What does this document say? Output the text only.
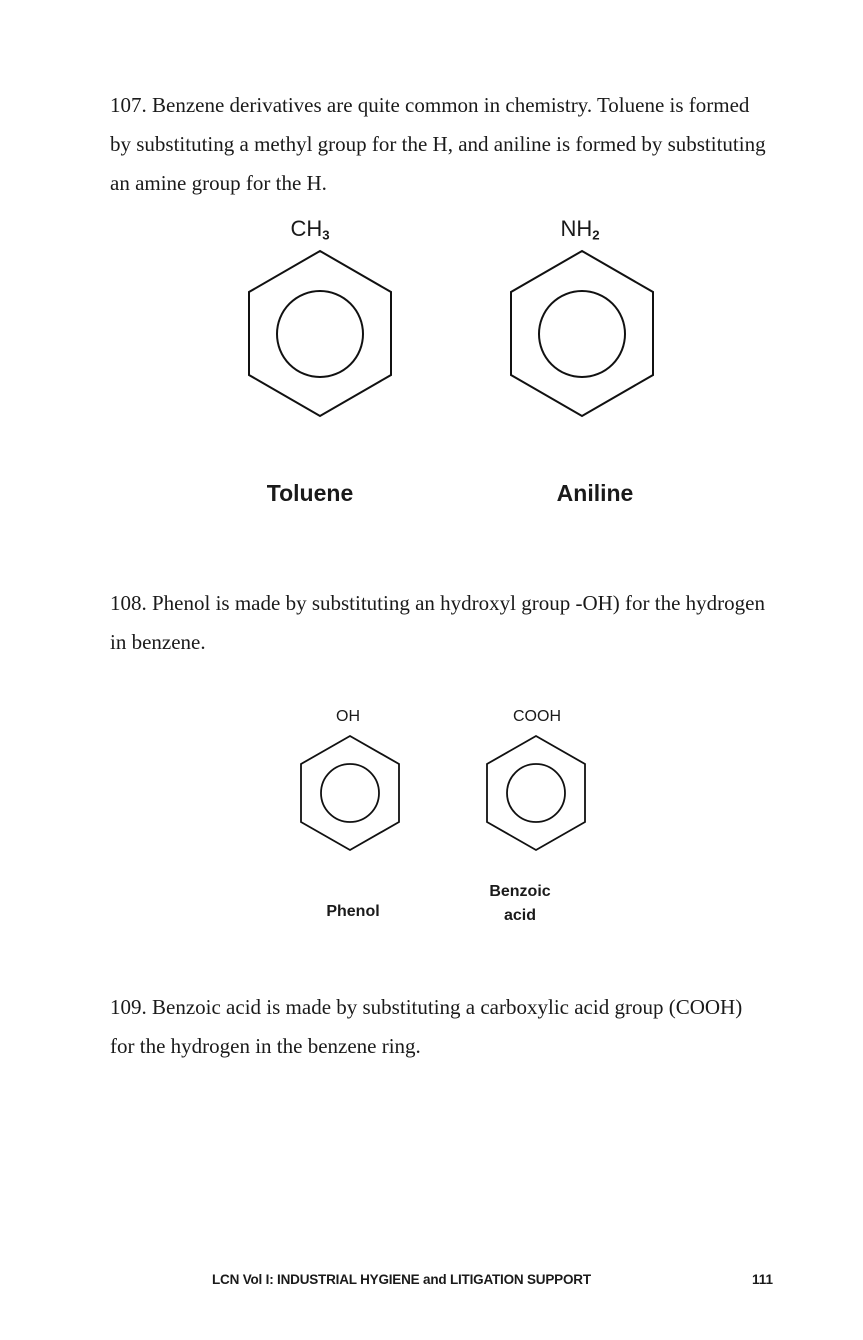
107. Benzene derivatives are quite common in chemistry. Toluene is formed by substituting a methyl group for the H, and aniline is formed by substituting an amine group for the H.

CH3
Toluene
NH2
Aniline

108. Phenol is made by substituting an hydroxyl group -OH) for the hydrogen in benzene.

OH
Phenol
COOH
Benzoic
acid

109. Benzoic acid is made by substituting a carboxylic acid group (COOH) for the hydrogen in the benzene ring.

LCN Vol I: INDUSTRIAL HYGIENE and LITIGATION SUPPORT	111
